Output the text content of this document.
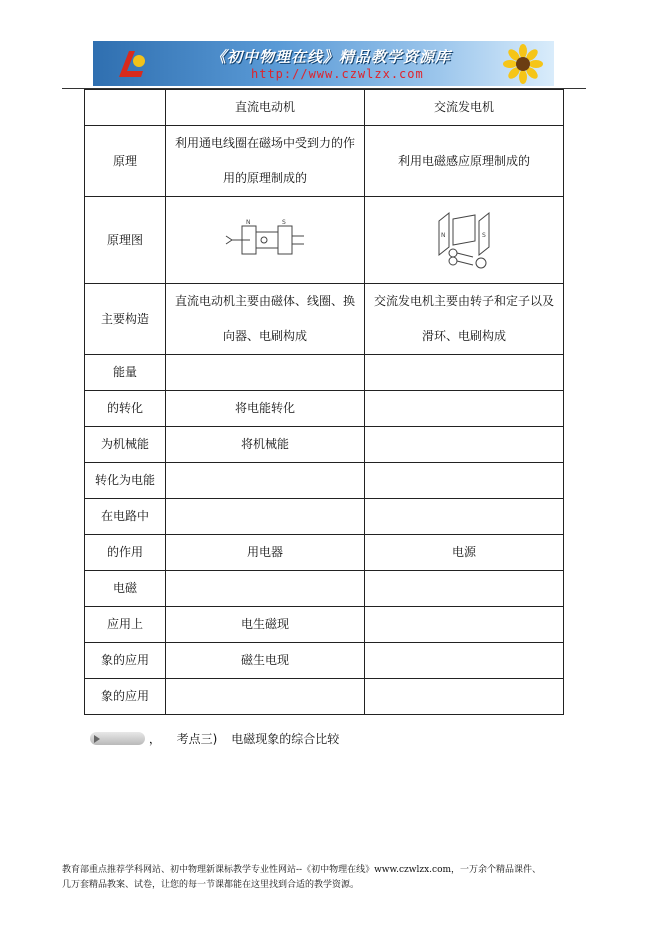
《初中物理在线》精品教学资源库
http://www.czwlzx.com
	直流电动机	交流发电机
原理	利用通电线圈在磁场中受到力的作用的原理制成的	利用电磁感应原理制成的
原理图	N S	N S

主要构造	直流电动机主要由磁体、线圈、换向器、电刷构成	交流发电机主要由转子和定子以及滑环、电刷构成
能量		
的转化	将电能转化	
为机械能	将机械能	
转化为电能		
在电路中		
的作用	用电器	电源
电磁		
应用上	电生磁现	
象的应用	磁生电现	
象的应用		
， 考点三) 电磁现象的综合比较
教育部重点推荐学科网站、初中物理新课标教学专业性网站--《初中物理在线》www.czwlzx.com，一万余个精品课件、
几万套精品教案、试卷，让您的每一节课都能在这里找到合适的教学资源。
